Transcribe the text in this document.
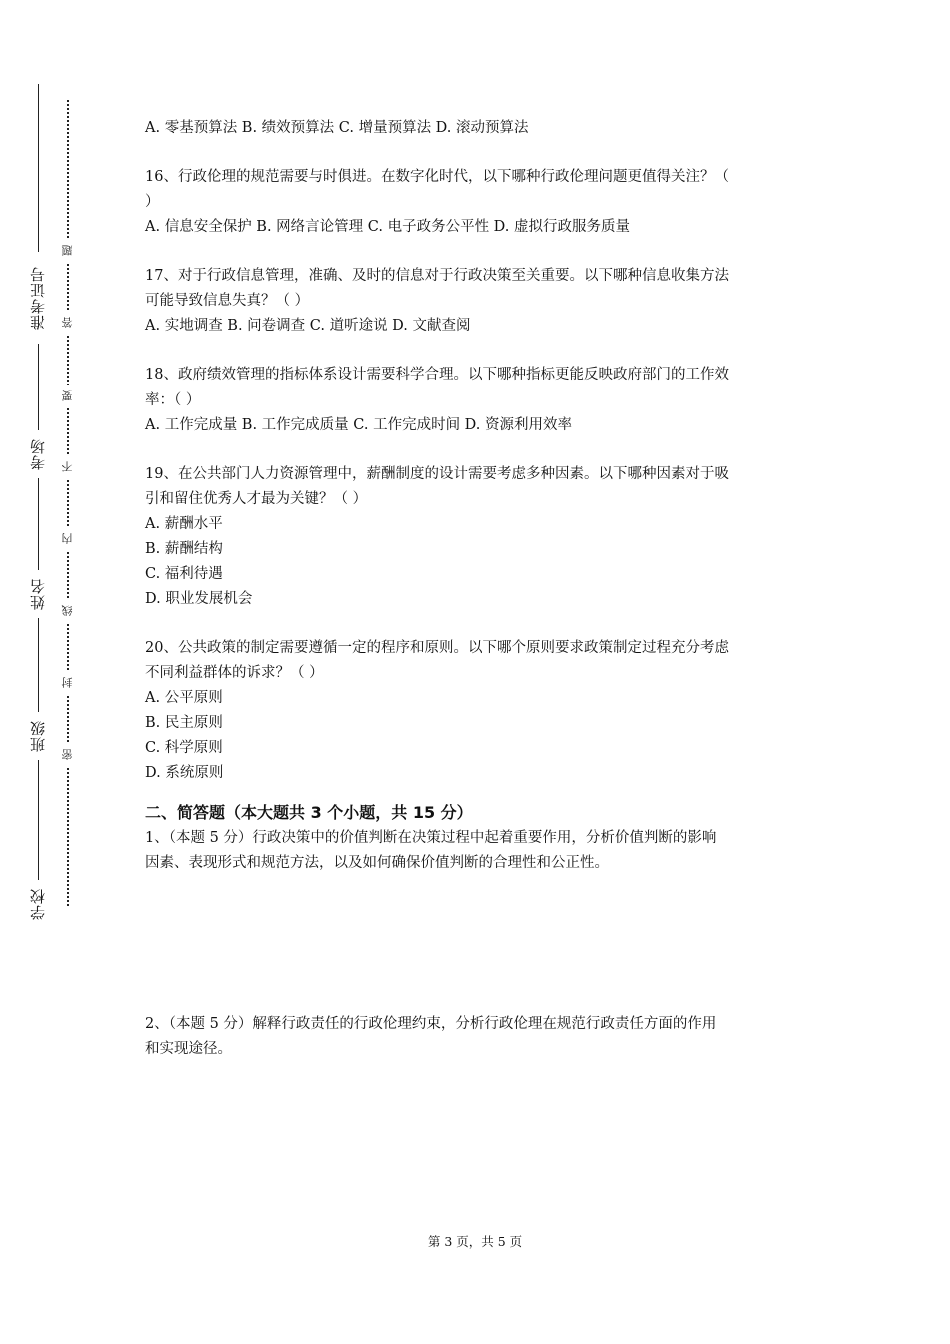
准考证号
考场
姓名
班级
学校
题
答
要
不
内
线
封
密
A. 零基预算法 B. 绩效预算法 C. 增量预算法 D. 滚动预算法
16、行政伦理的规范需要与时俱进。在数字化时代，以下哪种行政伦理问题更值得关注？（
）
A. 信息安全保护 B. 网络言论管理 C. 电子政务公平性 D. 虚拟行政服务质量
17、对于行政信息管理，准确、及时的信息对于行政决策至关重要。以下哪种信息收集方法
可能导致信息失真？（ ）
A. 实地调查 B. 问卷调查 C. 道听途说 D. 文献查阅
18、政府绩效管理的指标体系设计需要科学合理。以下哪种指标更能反映政府部门的工作效
率：（ ）
A. 工作完成量 B. 工作完成质量 C. 工作完成时间 D. 资源利用效率
19、在公共部门人力资源管理中，薪酬制度的设计需要考虑多种因素。以下哪种因素对于吸
引和留住优秀人才最为关键？（ ）
A. 薪酬水平
B. 薪酬结构
C. 福利待遇
D. 职业发展机会
20、公共政策的制定需要遵循一定的程序和原则。以下哪个原则要求政策制定过程充分考虑
不同利益群体的诉求？（ ）
A. 公平原则
B. 民主原则
C. 科学原则
D. 系统原则
二、简答题（本大题共 3 个小题，共 15 分）
1、（本题 5 分）行政决策中的价值判断在决策过程中起着重要作用，分析价值判断的影响
因素、表现形式和规范方法，以及如何确保价值判断的合理性和公正性。
2、（本题 5 分）解释行政责任的行政伦理约束，分析行政伦理在规范行政责任方面的作用
和实现途径。
第 3 页，共 5 页
